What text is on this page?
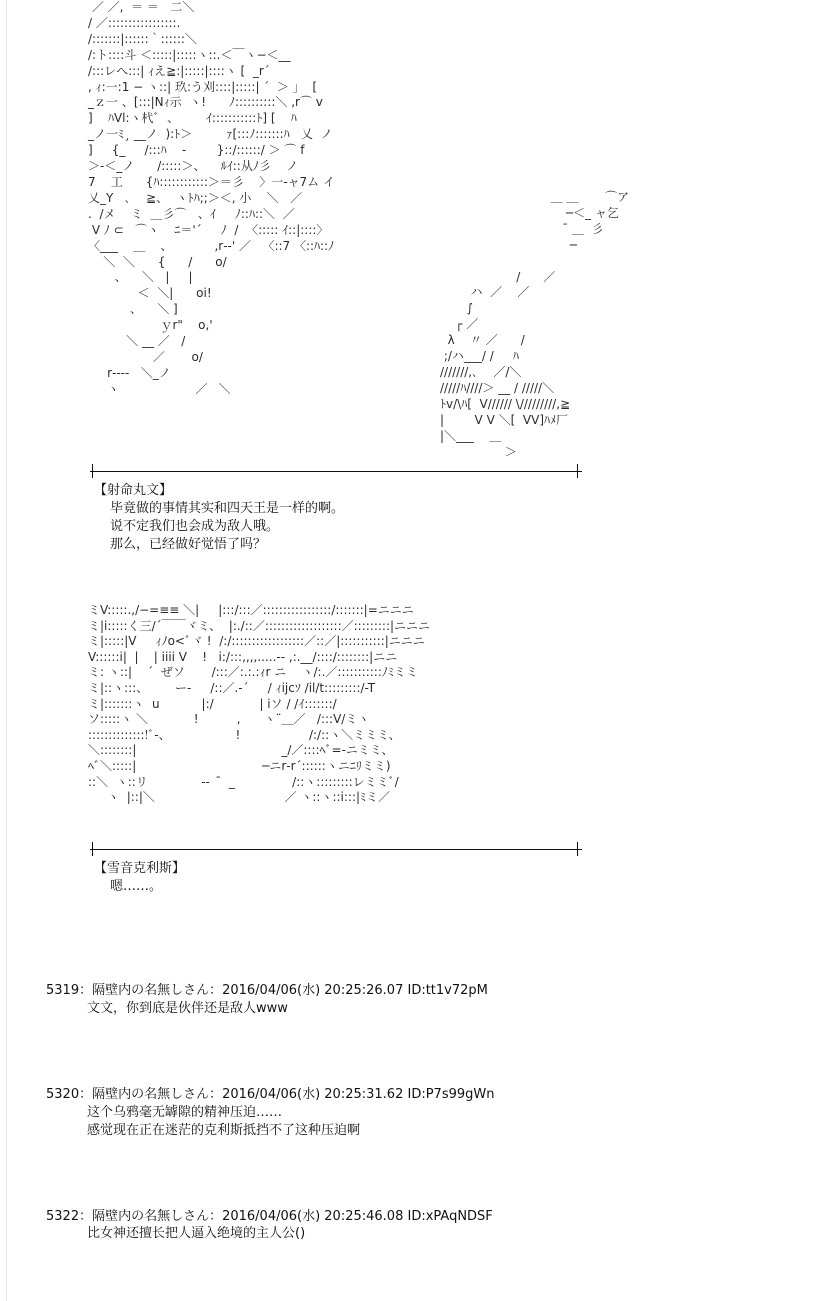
／ ／,  ＝ ＝   二＼
/ ／:::::::::::::::::.
/:::::::|::::::｀::::::＼
/:ト::::斗 ＜:::::|:::::ヽ::.＜￣ヽ−＜__
/:::レへ:::| ｨえ≧:|:::::|::::ヽ [  _r´
, ｨ:一:1 − ヽ::| 玖:う刈::::|:::::| ´  ＞ 」  [
_ｚ一 、[:::|Nｨ示  ヽ!      ﾉ::::::::::＼ ,r⌒ v
]    ﾊVl:ヽ杙ﾞ  、       ｲ:::::::::::ﾄ] [    ﾊ
_ノ一ﾐ¸ __ノ  ):ﾄ＞         ｧ[:::ﾉ:::::::ﾊ   乂  ノ
]     {_     /:::ﾊ    ‐        }::/::::::/ ＞ ⌒ f
＞‐＜_ノ      /:::::＞、    ﾙｲ::从ﾉ彡    ノ
7    工      {ﾊ::::::::::::＞＝彡    〉一‐ャ7ム イ
乂_Y   ､    ≧、  ヽﾄﾊ;;＞＜, 小    ＼   ／
.  /メ    ミ  ＿彡⌒   、ｲ     ﾉ::ﾊ::＼  ／
V ﾉ ⊂   ⌒ヽ    ﾆ＝'´     ﾉ  /  〈::::: ｲ::|::::〉
〈___    ＿    、           ,r‐‐' ／   〈::7 〈::ﾊ::ﾉ
＼  ＼      {      /      o/
、    ＼   |     |
＜  ＼|      oi!
、    ＼ ]
ｙr"    o,'
＼ __ ／   /
／       o/
r‐‐‐‐   ＼_ノ
ヽ                    ／   ＼
＿ ＿       ⌒ア
─＜_ ャ乞
¯ ＿  彡
─

/      ／
ハ  ／    ／
∫
┌ ／
λ    〃 ／      /
;/ハ___/ /     ﾊ
///////,､    ／/＼
/////ﾊ////＞ __ / /////＼
ﾄv/\ﾊ[  V////// \/////////,≧
|        V V ＼[  VV]ﾊﾒ厂
|＼___    ＿
＞
【射命丸文】
毕竟做的事情其实和四天王是一样的啊。
说不定我们也会成为敌人哦。
那么，已经做好觉悟了吗？
ミV:::::.,/−=≡≡ ＼|     |:::/:::／:::::::::::::::::/:::::::|=ニニニ
ミ|i:::::く三/´￣￣ヾミ、  |:./::／:::::::::::::::::::／:::::::::|ニニニ
ミ|:::::|V     ｨﾉo<ﾞヾ !  /:/::::::::::::::::::／::／|:::::::::::|ニニニ
V::::::i|  |    | iiii V    !   i:/:::,,,,.....-‐ ,:.__/::::/::::::::|ニニ
ミ: ヽ::|    ´  ぜソ       /:::／:.:.:ｨr ニ    ヽ/:.／:::::::::::ﾉﾐミミ
ミ|::ヽ:::、       ー‐     /::／.‐´     / ｨijcｿ /il/t:::::::::/‐T
ミ|:::::::ヽ  u           |:/            | iソ / /ｲ:::::::/
ソ:::::ヽ ＼            !          ,      ヽ¨＿／   /:::V/ミヽ
::::::::::::::!ﾞ‐、                 !                  /:/::ヽ＼ミミミ、
＼::::::::|                                      _/／::::ﾍﾞ=-ニミミ、
ﾍﾞ＼:::::|                                 ─ニr‐r´::::::ヽニﾆﾘミミ)
::＼  ヽ::リ              ‐‐   ̄  _               /::ヽ:::::::::レミミﾞ/
ヽ  |::|＼                                  ／ ヽ::ヽ::i:::|ﾐミ／
【雪音克利斯】
嗯……。
5319：隔壁内の名無しさん：2016/04/06(水) 20:25:26.07 ID:tt1v72pM
文文，你到底是伙伴还是敌人www
5320：隔壁内の名無しさん：2016/04/06(水) 20:25:31.62 ID:P7s99gWn
这个乌鸦毫无罅隙的精神压迫……
感觉现在正在迷茫的克利斯抵挡不了这种压迫啊
5322：隔壁内の名無しさん：2016/04/06(水) 20:25:46.08 ID:xPAqNDSF
比女神还擅长把人逼入绝境的主人公()
